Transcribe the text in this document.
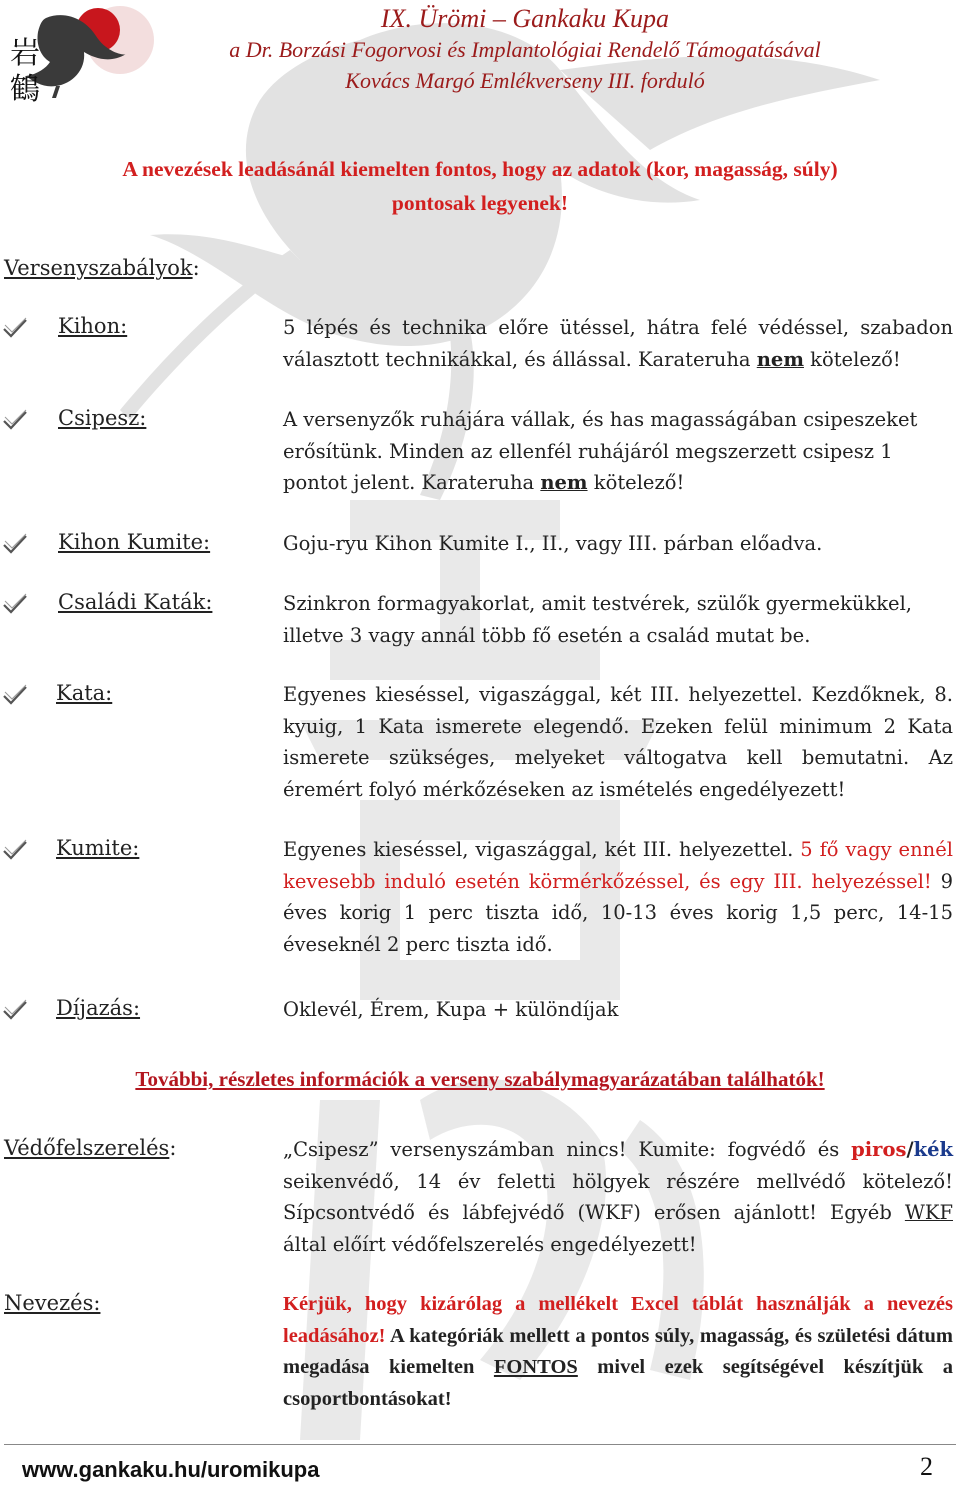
岩
鶴
IX. Ürömi – Gankaku Kupa
a Dr. Borzási Fogorvosi és Implantológiai Rendelő Támogatásával
Kovács Margó Emlékverseny III. forduló
A nevezések leadásánál kiemelten fontos, hogy az adatok (kor, magasság, súly)
pontosak legyenek!
Versenyszabályok:
Kihon:	5 lépés és technika előre ütéssel, hátra felé védéssel, szabadon választott technikákkal, és állással. Karateruha nem kötelező!
Csipesz:	A versenyzők ruhájára vállak, és has magasságában csipeszeket erősítünk. Minden az ellenfél ruhájáról megszerzett csipesz 1 pontot jelent. Karateruha nem kötelező!
Kihon Kumite:	Goju-ryu Kihon Kumite I., II., vagy III. párban előadva.
Családi Katák:	Szinkron formagyakorlat, amit testvérek, szülők gyermekükkel, illetve 3 vagy annál több fő esetén a család mutat be.
Kata:	Egyenes kieséssel, vigaszággal, két III. helyezettel. Kezdőknek, 8. kyuig, 1 Kata ismerete elegendő. Ezeken felül minimum 2 Kata ismerete szükséges, melyeket váltogatva kell bemutatni. Az éremért folyó mérkőzéseken az ismételés engedélyezett!
Kumite:	Egyenes kieséssel, vigaszággal, két III. helyezettel. 5 fő vagy ennél kevesebb induló esetén körmérkőzéssel, és egy III. helyezéssel! 9 éves korig 1 perc tiszta idő, 10-13 éves korig 1,5 perc, 14-15 éveseknél 2 perc tiszta idő.
Díjazás:	Oklevél, Érem, Kupa + különdíjak
További, részletes információk a verseny szabálymagyarázatában találhatók!
Védőfelszerelés:	„Csipesz” versenyszámban nincs! Kumite: fogvédő és piros/kék seikenvédő, 14 év feletti hölgyek részére mellvédő kötelező! Sípcsontvédő és lábfejvédő (WKF) erősen ajánlott! Egyéb WKF által előírt védőfelszerelés engedélyezett!
Nevezés:	Kérjük, hogy kizárólag a mellékelt Excel táblát használják a nevezés leadásához! A kategóriák mellett a pontos súly, magasság, és születési dátum megadása kiemelten FONTOS mivel ezek segítségével készítjük a csoportbontásokat!
www.gankaku.hu/uromikupa	2
